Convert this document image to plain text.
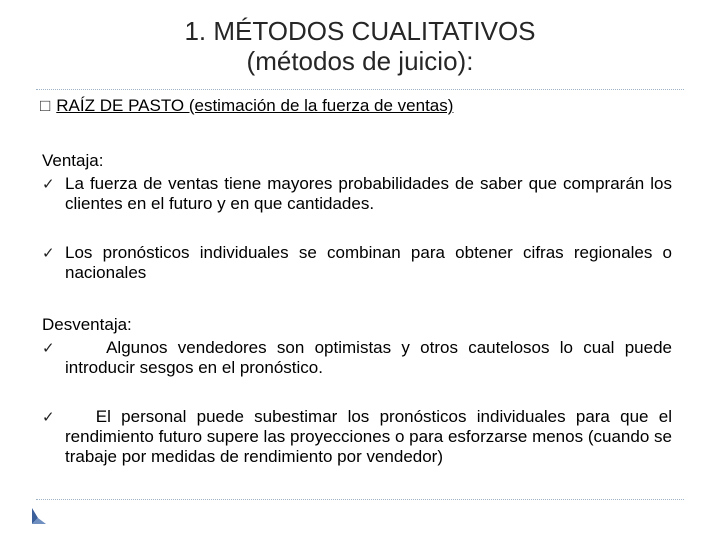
1. MÉTODOS CUALITATIVOS
(métodos de juicio):
□ RAÍZ DE PASTO (estimación de la fuerza de ventas)
Ventaja:
✓ La fuerza de ventas tiene mayores probabilidades de saber que comprarán los clientes en el futuro y en que cantidades.
✓ Los pronósticos individuales se combinan para obtener cifras regionales o nacionales
Desventaja:
✓ Algunos vendedores son optimistas y otros cautelosos lo cual puede introducir sesgos en el pronóstico.
✓ El personal puede subestimar los pronósticos individuales para que el rendimiento futuro supere las proyecciones o para esforzarse menos (cuando se trabaje por medidas de rendimiento por vendedor)
